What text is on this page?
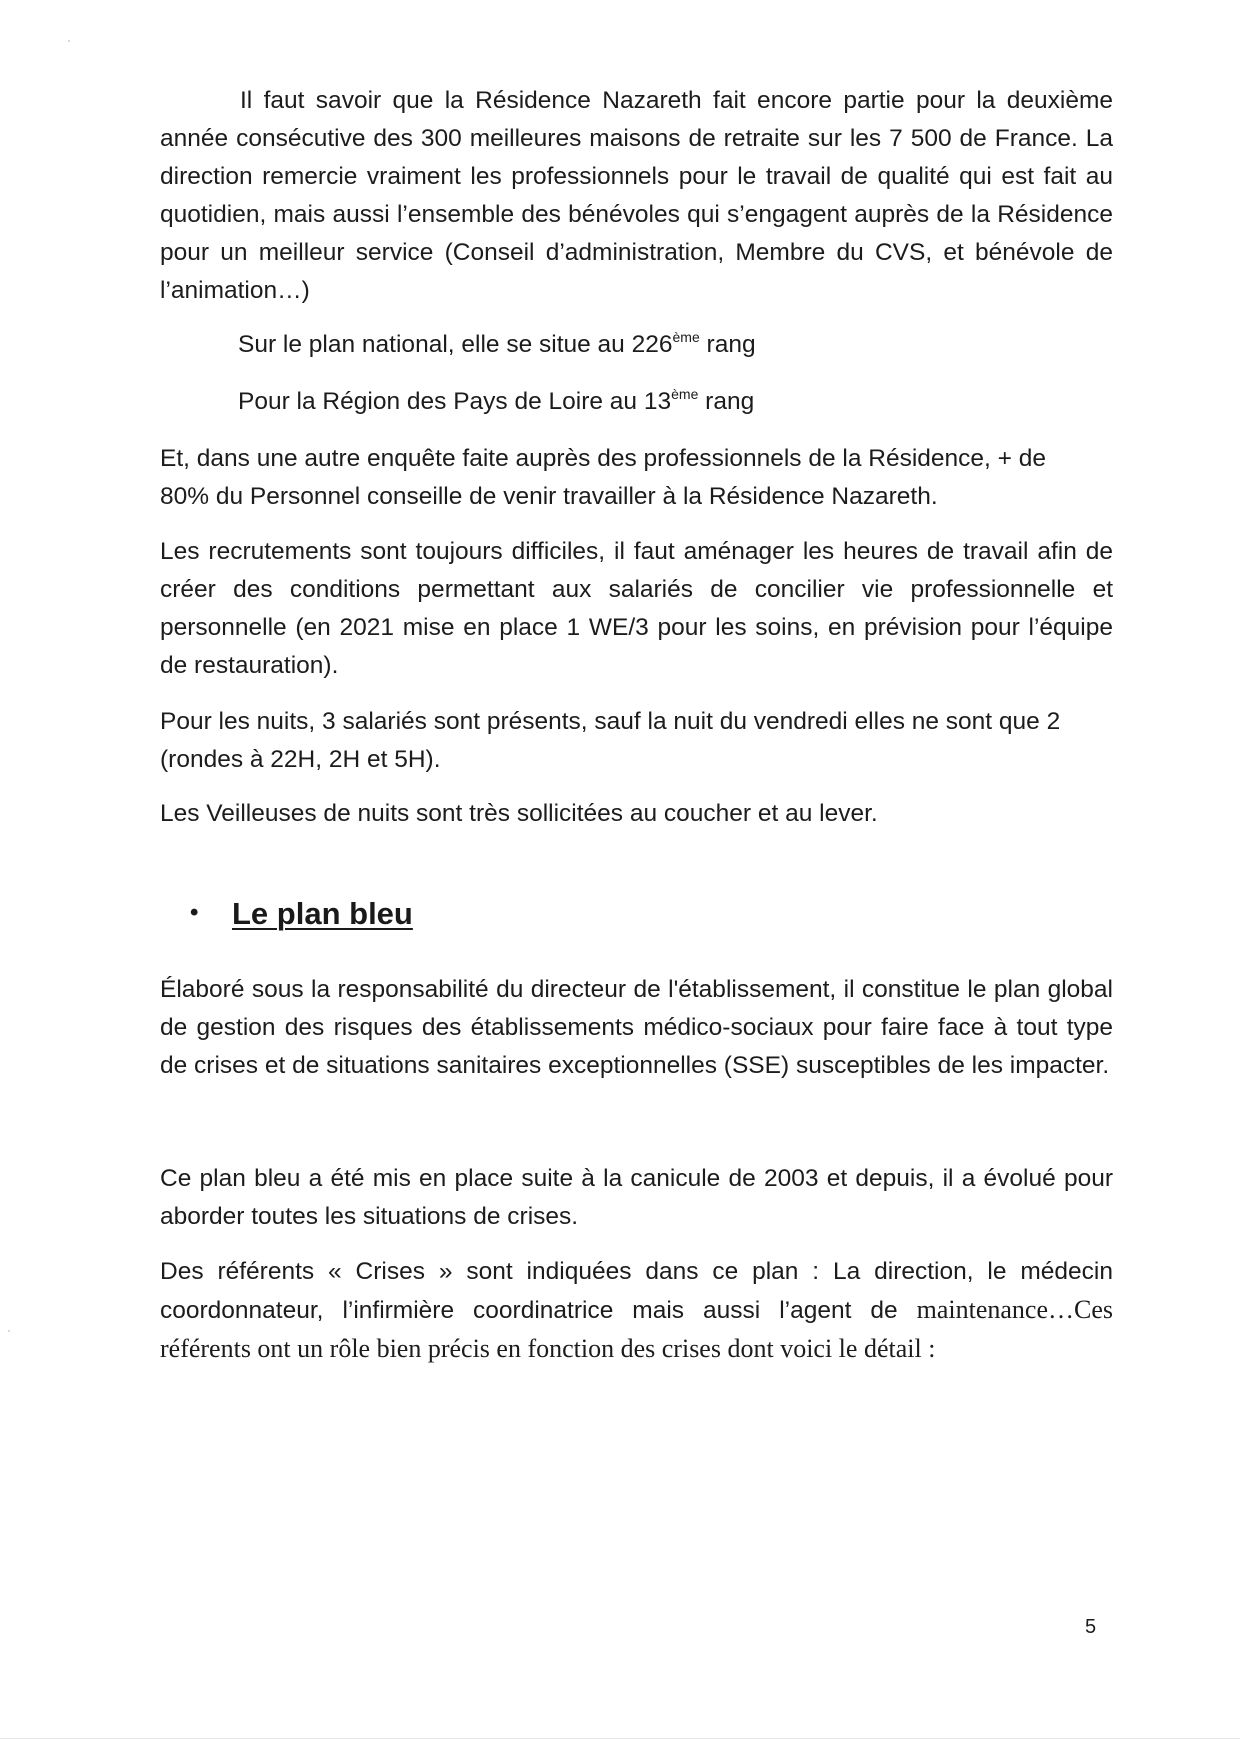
Il faut savoir que la Résidence Nazareth fait encore partie pour la deuxième année consécutive des 300 meilleures maisons de retraite sur les 7 500 de France. La direction remercie vraiment les professionnels pour le travail de qualité qui est fait au quotidien, mais aussi l’ensemble des bénévoles qui s’engagent auprès de la Résidence pour un meilleur service (Conseil d’administration, Membre du CVS, et bénévole de l’animation…)

Sur le plan national, elle se situe au 226ème rang

Pour la Région des Pays de Loire au 13ème rang

Et, dans une autre enquête faite auprès des professionnels de la Résidence, + de 80% du Personnel conseille de venir travailler à la Résidence Nazareth.

Les recrutements sont toujours difficiles, il faut aménager les heures de travail afin de créer des conditions permettant aux salariés de concilier vie professionnelle et personnelle (en 2021 mise en place 1 WE/3 pour les soins, en prévision pour l’équipe de restauration).

Pour les nuits, 3 salariés sont présents, sauf la nuit du vendredi elles ne sont que 2 (rondes à 22H, 2H et 5H).

Les Veilleuses de nuits sont très sollicitées au coucher et au lever.

• Le plan bleu

Élaboré sous la responsabilité du directeur de l'établissement, il constitue le plan global de gestion des risques des établissements médico-sociaux pour faire face à tout type de crises et de situations sanitaires exceptionnelles (SSE) susceptibles de les impacter.

Ce plan bleu a été mis en place suite à la canicule de 2003 et depuis, il a évolué pour aborder toutes les situations de crises.

Des référents « Crises » sont indiquées dans ce plan : La direction, le médecin coordonnateur, l’infirmière coordinatrice mais aussi l’agent de maintenance…Ces référents ont un rôle bien précis en fonction des crises dont voici le détail :

5
